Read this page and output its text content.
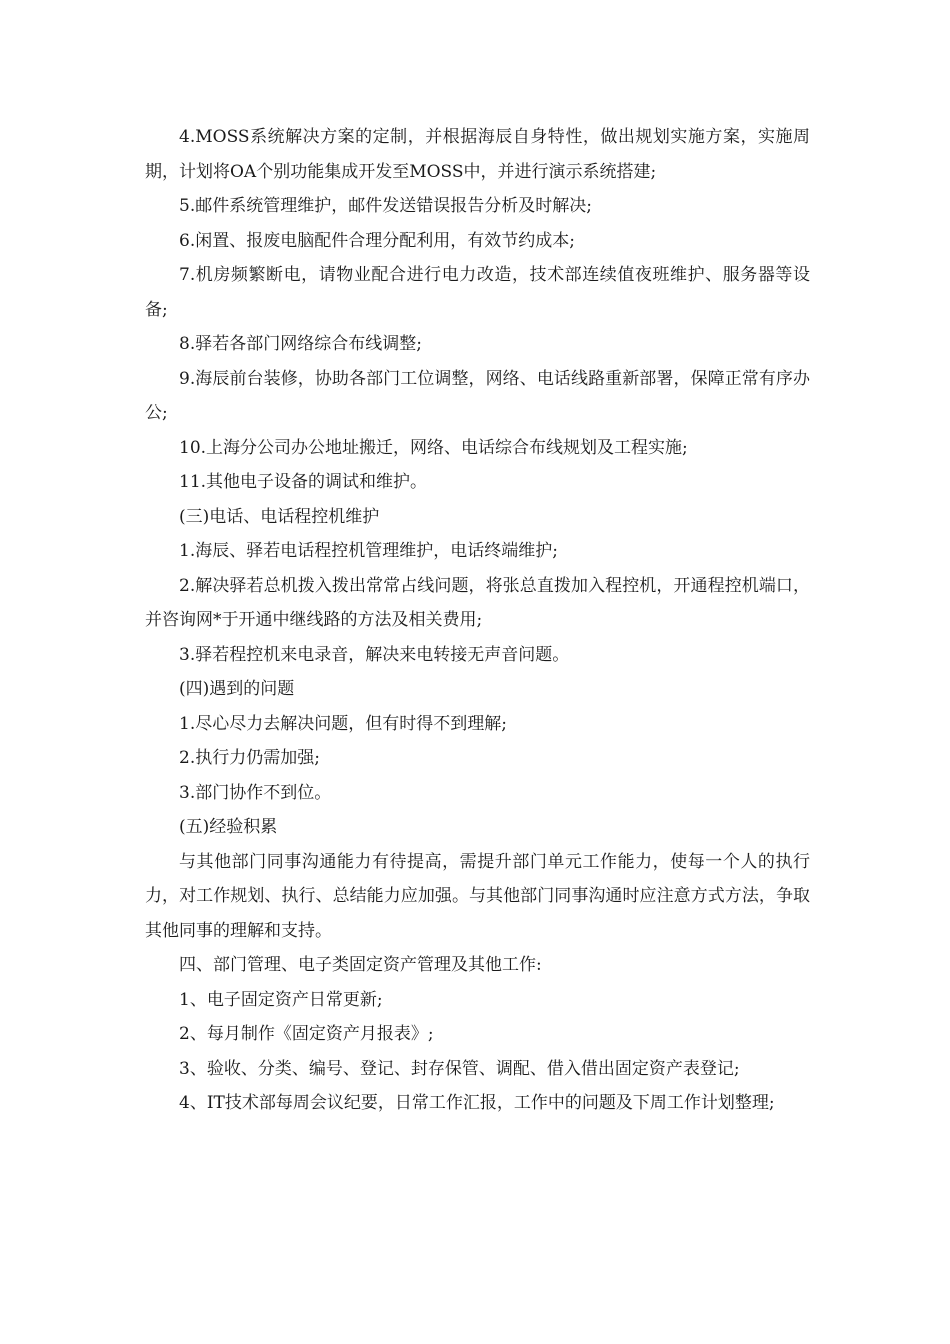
4.MOSS系统解决方案的定制，并根据海辰自身特性，做出规划实施方案，实施周期，计划将OA个别功能集成开发至MOSS中，并进行演示系统搭建;

5.邮件系统管理维护，邮件发送错误报告分析及时解决;

6.闲置、报废电脑配件合理分配利用，有效节约成本;

7.机房频繁断电，请物业配合进行电力改造，技术部连续值夜班维护、服务器等设备;

8.驿若各部门网络综合布线调整;

9.海辰前台装修，协助各部门工位调整，网络、电话线路重新部署，保障正常有序办公;

10.上海分公司办公地址搬迁，网络、电话综合布线规划及工程实施;

11.其他电子设备的调试和维护。

(三)电话、电话程控机维护

1.海辰、驿若电话程控机管理维护，电话终端维护;

2.解决驿若总机拨入拨出常常占线问题，将张总直拨加入程控机，开通程控机端口，并咨询网*于开通中继线路的方法及相关费用;

3.驿若程控机来电录音，解决来电转接无声音问题。

(四)遇到的问题

1.尽心尽力去解决问题，但有时得不到理解;

2.执行力仍需加强;

3.部门协作不到位。

(五)经验积累

与其他部门同事沟通能力有待提高，需提升部门单元工作能力，使每一个人的执行力，对工作规划、执行、总结能力应加强。与其他部门同事沟通时应注意方式方法，争取其他同事的理解和支持。

四、部门管理、电子类固定资产管理及其他工作:

1、电子固定资产日常更新;

2、每月制作《固定资产月报表》;

3、验收、分类、编号、登记、封存保管、调配、借入借出固定资产表登记;

4、IT技术部每周会议纪要，日常工作汇报，工作中的问题及下周工作计划整理;
